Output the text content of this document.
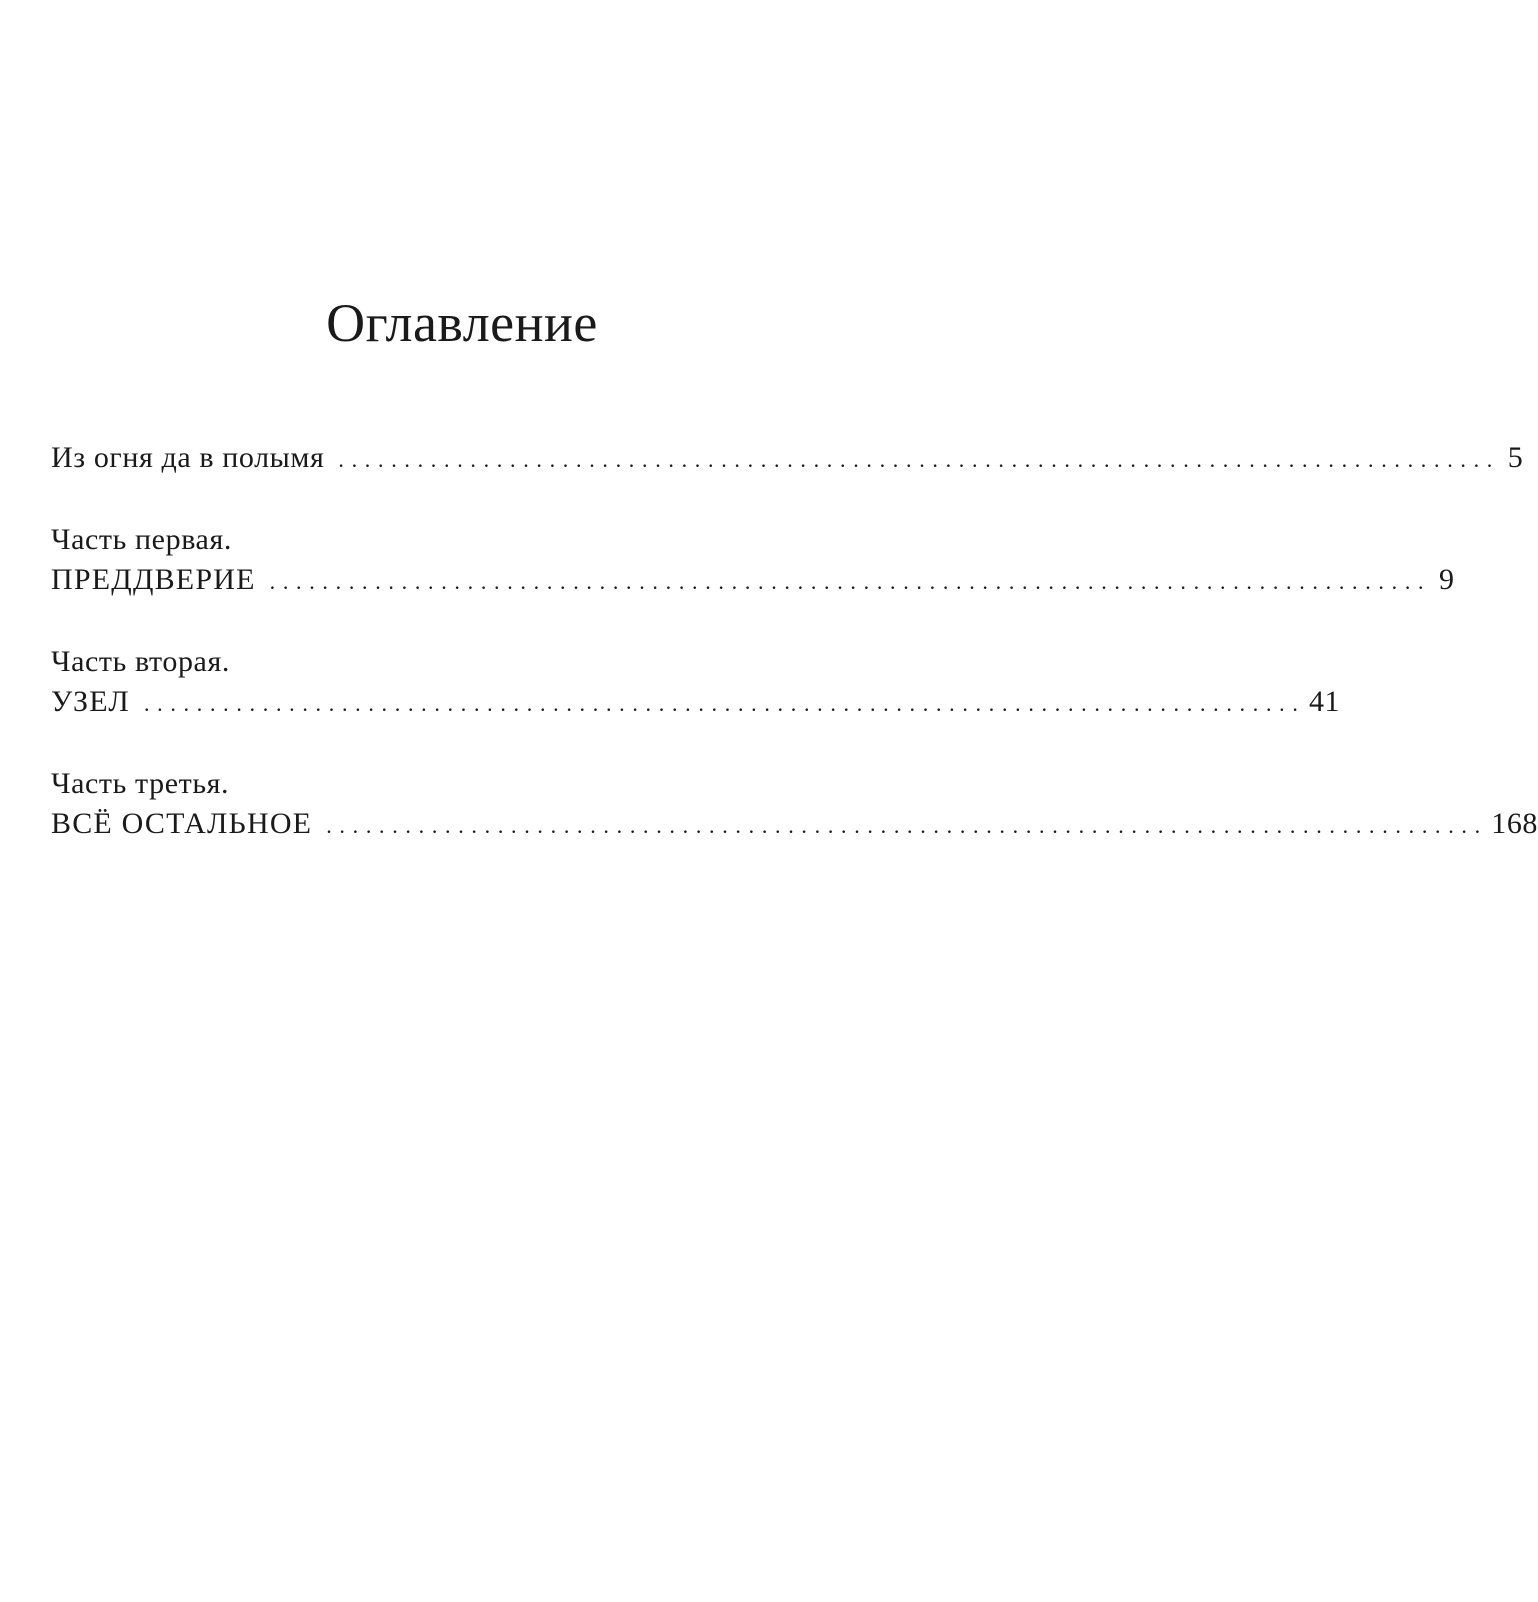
Оглавление
Из огня да в полымя . . . . . . . . . . . . . . . . . . . . . . . . . . . . . . . . . . . . . . . . . . . . . . . . . . . . . . . . . . . . . . . . . . . . . . . . . . . . . . . . . . . . . . . . 5
Часть первая.
ПРЕДДВЕРИЕ . . . . . . . . . . . . . . . . . . . . . . . . . . . . . . . . . . . . . . . . . . . . . . . . . . . . . . . . . . . . . . . . . . . . . . . . . . . . . . . . . . . . . . . . 9
Часть вторая.
УЗЕЛ . . . . . . . . . . . . . . . . . . . . . . . . . . . . . . . . . . . . . . . . . . . . . . . . . . . . . . . . . . . . . . . . . . . . . . . . . . . . . . . . . . . . . . . . 41
Часть третья.
ВСЁ ОСТАЛЬНОЕ . . . . . . . . . . . . . . . . . . . . . . . . . . . . . . . . . . . . . . . . . . . . . . . . . . . . . . . . . . . . . . . . . . . . . . . . . . . . . . . . . . . . . . . . 168
